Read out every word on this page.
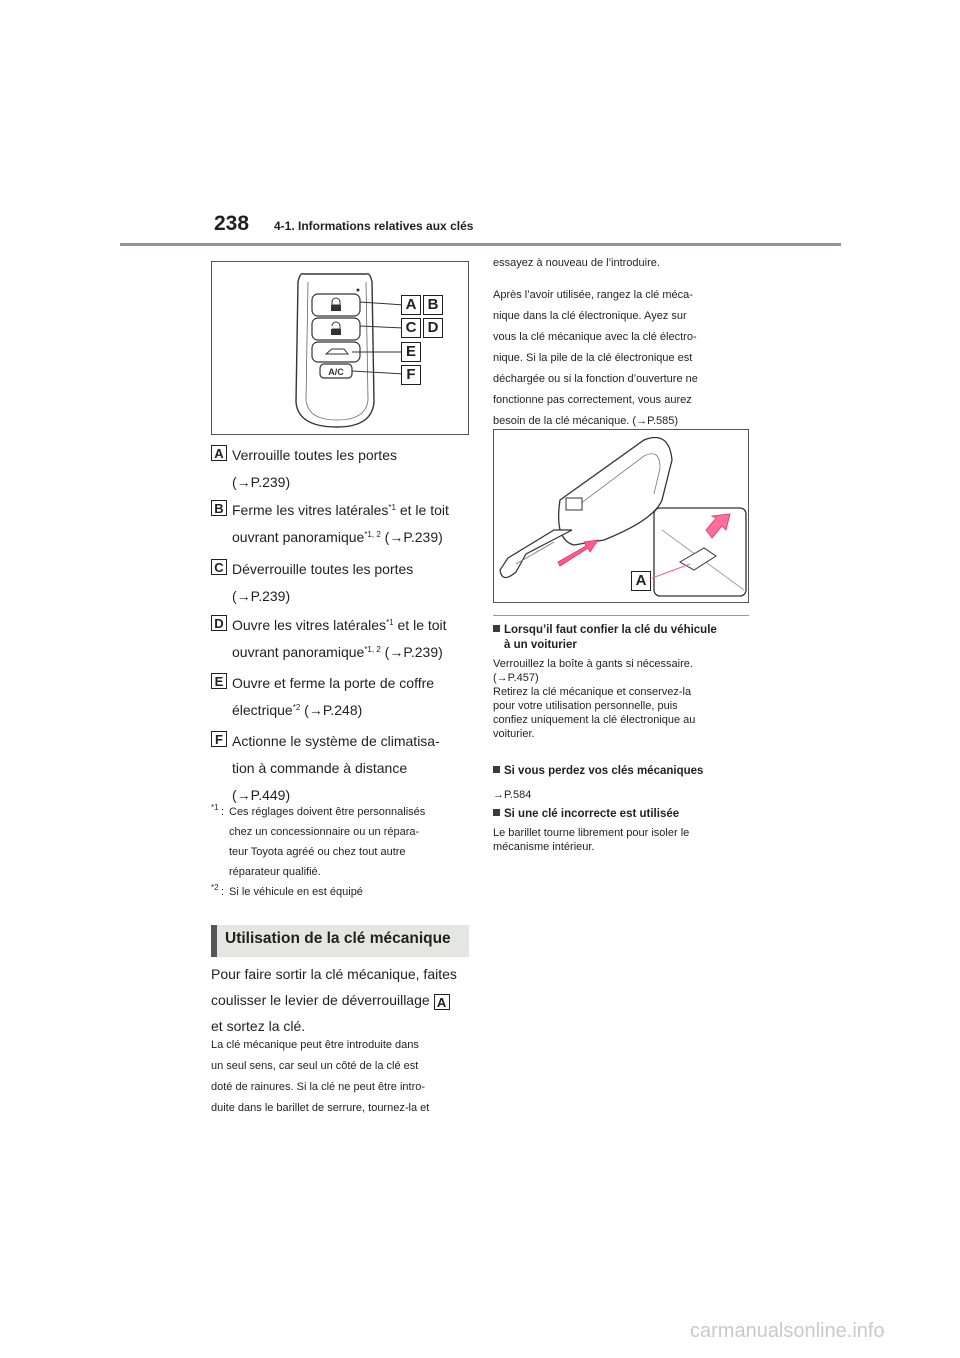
238 4-1. Informations relatives aux clés
A/C
A B
C D
E
F
A Verrouille toutes les portes
(→P.239)
B Ferme les vitres latérales$^{*1}$ et le toit
ouvrant panoramique$^{*1, 2}$ (→P.239)
C Déverrouille toutes les portes
(→P.239)
D Ouvre les vitres latérales$^{*1}$ et le toit
ouvrant panoramique$^{*1, 2}$ (→P.239)
E Ouvre et ferme la porte de coffre
électrique$^{*2}$ (→P.248)
F Actionne le système de climatisa-
tion à commande à distance
(→P.449)
*1 : Ces réglages doivent être personnalisés
chez un concessionnaire ou un répara-
teur Toyota agréé ou chez tout autre
réparateur qualifié.
*2 : Si le véhicule en est équipé
Utilisation de la clé mécanique
Pour faire sortir la clé mécanique, faites
coulisser le levier de déverrouillage A
et sortez la clé.
La clé mécanique peut être introduite dans
un seul sens, car seul un côté de la clé est
doté de rainures. Si la clé ne peut être intro-
duite dans le barillet de serrure, tournez-la et
essayez à nouveau de l’introduire.
Après l’avoir utilisée, rangez la clé méca-
nique dans la clé électronique. Ayez sur
vous la clé mécanique avec la clé électro-
nique. Si la pile de la clé électronique est
déchargée ou si la fonction d’ouverture ne
fonctionne pas correctement, vous aurez
besoin de la clé mécanique. (→P.585)
A
Lorsqu’il faut confier la clé du véhicule
à un voiturier
Verrouillez la boîte à gants si nécessaire.
(→P.457)
Retirez la clé mécanique et conservez-la
pour votre utilisation personnelle, puis
confiez uniquement la clé électronique au
voiturier.
Si vous perdez vos clés mécaniques
→P.584
Si une clé incorrecte est utilisée
Le barillet tourne librement pour isoler le
mécanisme intérieur.
carmanualsonline.info
